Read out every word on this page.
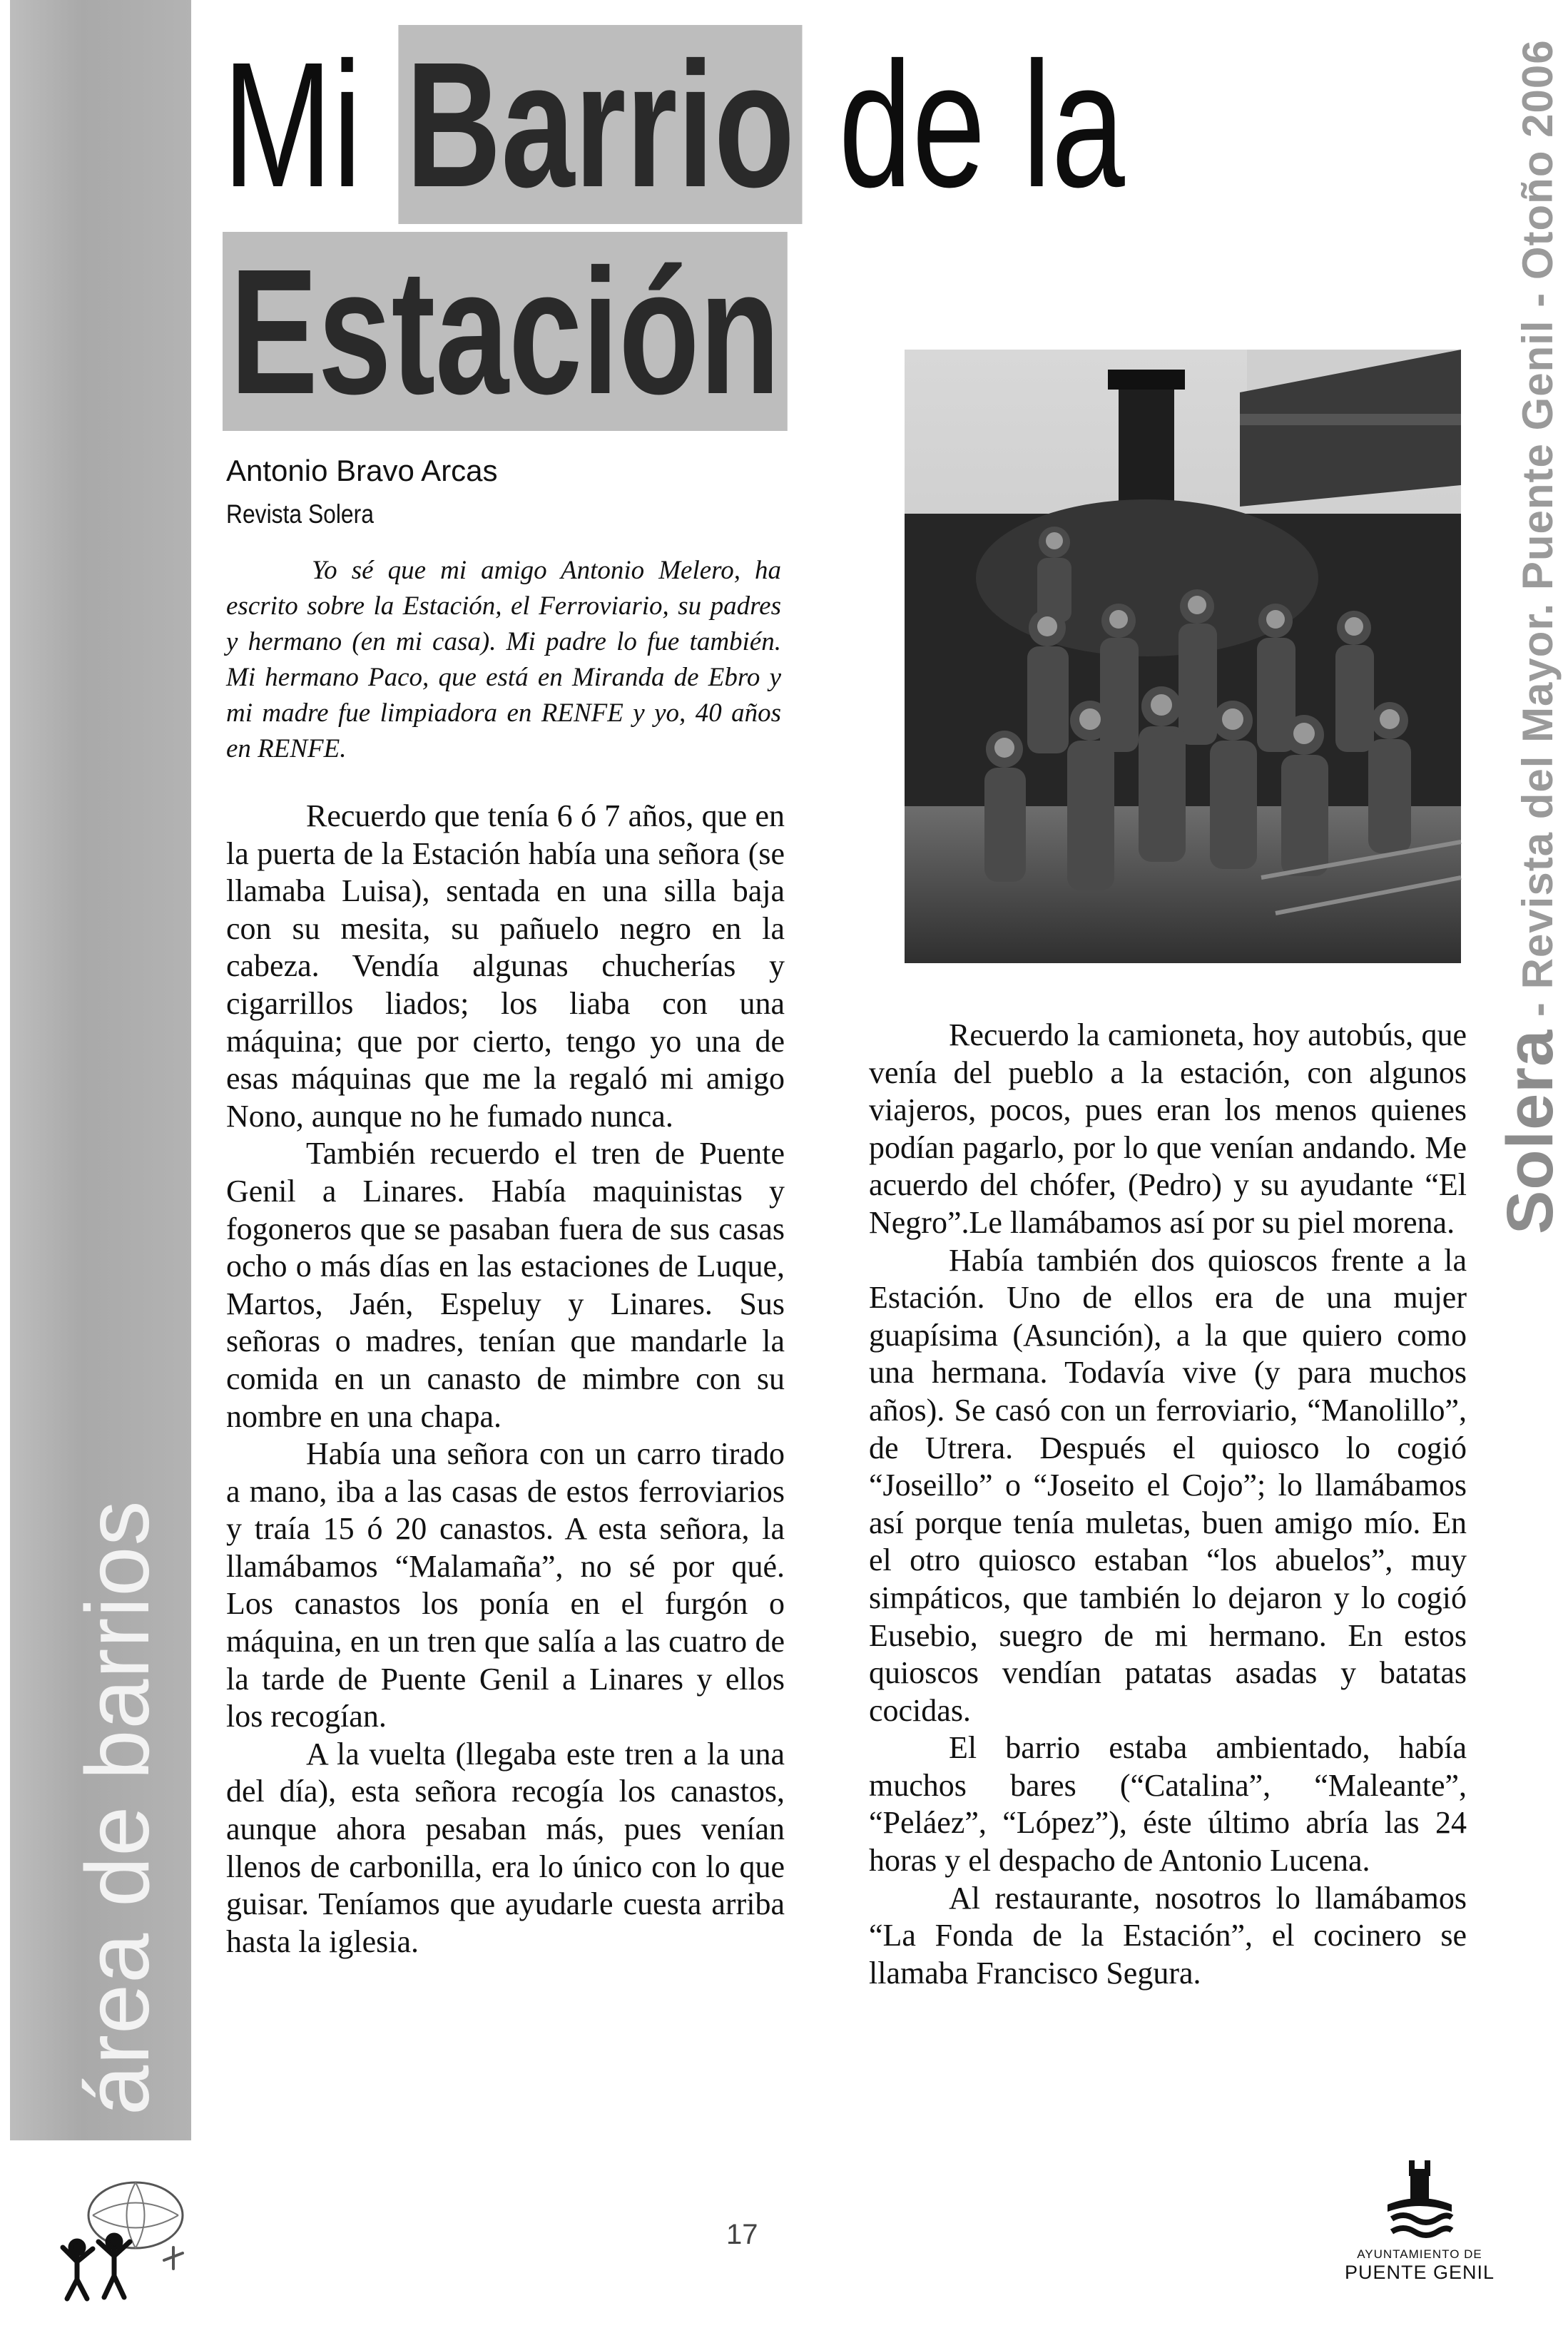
área de barrios
Mi Barrio de la
Estación
Antonio Bravo Arcas
Revista Solera

Yo sé que mi amigo Antonio Melero, ha escrito sobre la Estación, el Ferroviario, su padres y hermano (en mi casa). Mi padre lo fue también. Mi hermano Paco, que está en Miranda de Ebro y mi madre fue limpiadora en RENFE y yo, 40 años en RENFE.

Recuerdo que tenía 6 ó 7 años, que en la puerta de la Estación había una señora (se llamaba Luisa), sentada en una silla baja con su mesita, su pañuelo negro en la cabeza. Vendía algunas chucherías y cigarrillos liados; los liaba con una máquina; que por cierto, tengo yo una de esas máquinas que me la regaló mi amigo Nono, aunque no he fumado nunca.

También recuerdo el tren de Puente Genil a Linares. Había maquinistas y fogoneros que se pasaban fuera de sus casas ocho o más días en las estaciones de Luque, Martos, Jaén, Espeluy y Linares. Sus señoras o madres, tenían que mandarle la comida en un canasto de mimbre con su nombre en una chapa.

Había una señora con un carro tirado a mano, iba a las casas de estos ferroviarios y traía 15 ó 20 canastos. A esta señora, la llamábamos “Malamaña”, no sé por qué. Los canastos los ponía en el furgón o máquina, en un tren que salía a las cuatro de la tarde de Puente Genil a Linares y ellos los recogían.

A la vuelta (llegaba este tren a la una del día), esta señora recogía los canastos, aunque ahora pesaban más, pues venían llenos de carbonilla, era lo único con lo que guisar. Teníamos que ayudarle cuesta arriba hasta la iglesia.

Recuerdo la camioneta, hoy autobús, que venía del pueblo a la estación, con algunos viajeros, pocos, pues eran los menos quienes podían pagarlo, por lo que venían andando. Me acuerdo del chófer, (Pedro) y su ayudante “El Negro”.Le llamábamos así por su piel morena.

Había también dos quioscos frente a la Estación. Uno de ellos era de una mujer guapísima (Asunción), a la que quiero como una hermana. Todavía vive (y para muchos años). Se casó con un ferroviario, “Manolillo”, de Utrera. Después el quiosco lo cogió “Joseillo” o “Joseito el Cojo”; lo llamábamos así porque tenía muletas, buen amigo mío. En el otro quiosco estaban “los abuelos”, muy simpáticos, que también lo dejaron y lo cogió Eusebio, suegro de mi hermano. En estos quioscos vendían patatas asadas y batatas cocidas.

El barrio estaba ambientado, había muchos bares (“Catalina”, “Maleante”, “Peláez”, “López”), éste último abría las 24 horas y el despacho de Antonio Lucena.

Al restaurante, nosotros lo llamábamos “La Fonda de la Estación”, el cocinero se llamaba Francisco Segura.

Solera - Revista del Mayor. Puente Genil - Otoño 2006
17
AYUNTAMIENTO DE
PUENTE GENIL
